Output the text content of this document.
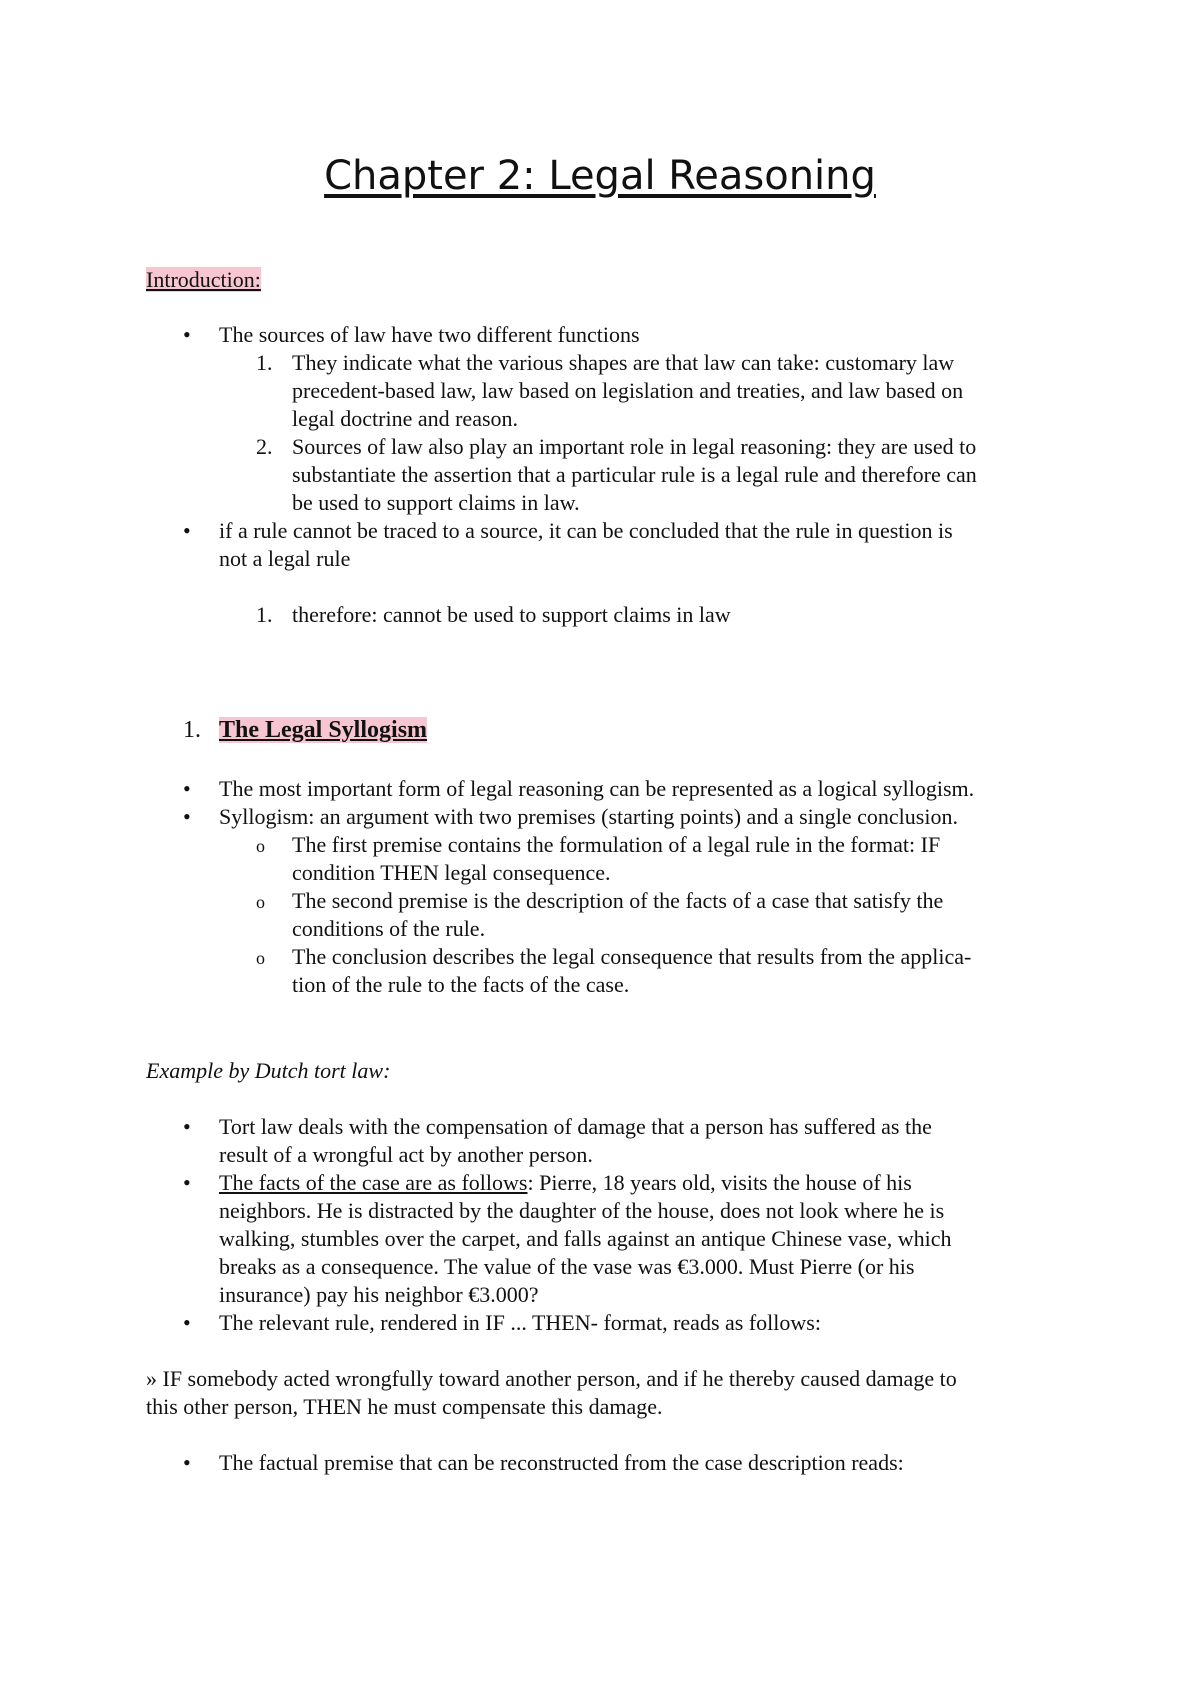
Chapter 2: Legal Reasoning

Introduction:

• The sources of law have two different functions

1. They indicate what the various shapes are that law can take: customary law

precedent-based law, law based on legislation and treaties, and law based on

legal doctrine and reason.

2. Sources of law also play an important role in legal reasoning: they are used to

substantiate the assertion that a particular rule is a legal rule and therefore can

be used to support claims in law.

• if a rule cannot be traced to a source, it can be concluded that the rule in question is

not a legal rule

1. therefore: cannot be used to support claims in law

1. The Legal Syllogism

• The most important form of legal reasoning can be represented as a logical syllogism.

• Syllogism: an argument with two premises (starting points) and a single conclusion.

o The first premise contains the formulation of a legal rule in the format: IF

condition THEN legal consequence.

o The second premise is the description of the facts of a case that satisfy the

conditions of the rule.

o The conclusion describes the legal consequence that results from the applica-

tion of the rule to the facts of the case.

Example by Dutch tort law:

• Tort law deals with the compensation of damage that a person has suffered as the

result of a wrongful act by another person.

• The facts of the case are as follows: Pierre, 18 years old, visits the house of his

neighbors. He is distracted by the daughter of the house, does not look where he is

walking, stumbles over the carpet, and falls against an antique Chinese vase, which

breaks as a consequence. The value of the vase was €3.000. Must Pierre (or his

insurance) pay his neighbor €3.000?

• The relevant rule, rendered in IF ... THEN- format, reads as follows:

» IF somebody acted wrongfully toward another person, and if he thereby caused damage to

this other person, THEN he must compensate this damage.

• The factual premise that can be reconstructed from the case description reads:
